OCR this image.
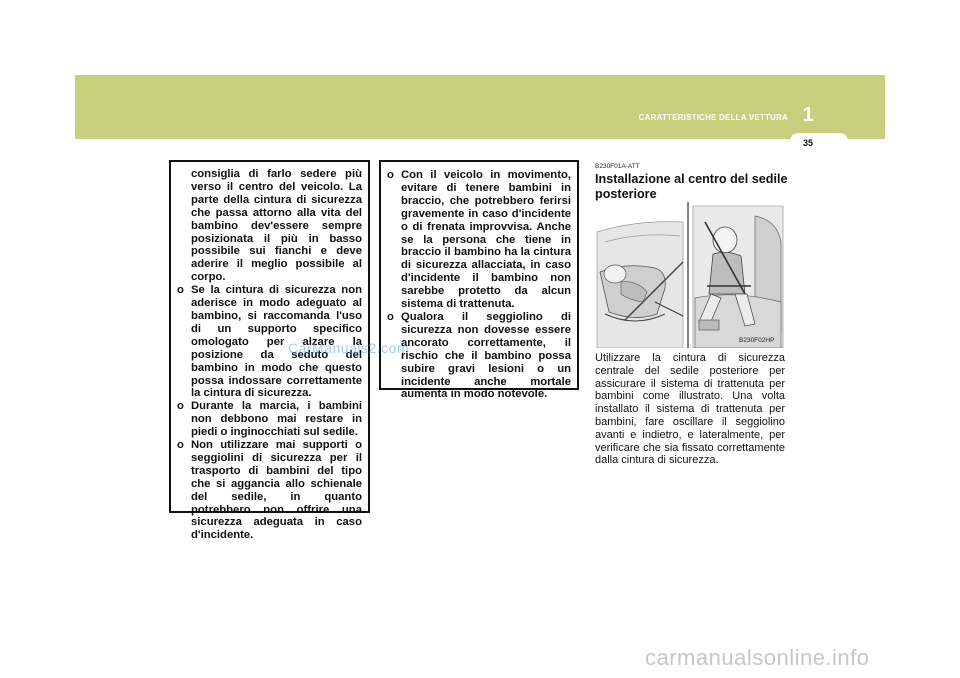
CARATTERISTICHE DELLA VETTURA 1
35

consiglia di farlo sedere più verso il centro del veicolo. La parte della cintura di sicurezza che passa attorno alla vita del bambino dev'essere sempre posizionata il più in basso possibile sui fianchi e deve aderire il meglio possibile al corpo.

o Se la cintura di sicurezza non aderisce in modo adeguato al bambino, si raccomanda l'uso di un supporto specifico omologato per alzare la posizione da seduto del bambino in modo che questo possa indossare correttamente la cintura di sicurezza.

o Durante la marcia, i bambini non debbono mai restare in piedi o inginocchiati sul sedile.

o Non utilizzare mai supporti o seggiolini di sicurezza per il trasporto di bambini del tipo che si aggancia allo schienale del sedile, in quanto potrebbero non offrire una sicurezza adeguata in caso d'incidente.

o Con il veicolo in movimento, evitare di tenere bambini in braccio, che potrebbero ferirsi gravemente in caso d'incidente o di frenata improvvisa. Anche se la persona che tiene in braccio il bambino ha la cintura di sicurezza allacciata, in caso d'incidente il bambino non sarebbe protetto da alcun sistema di trattenuta.

o Qualora il seggiolino di sicurezza non dovesse essere ancorato correttamente, il rischio che il bambino possa subire gravi lesioni o un incidente anche mortale aumenta in modo notevole.

B230F01A-ATT
Installazione al centro del sedile posteriore
B230F02HP
Utilizzare la cintura di sicurezza centrale del sedile posteriore per assicurare il sistema di trattenuta per bambini come illustrato. Una volta installato il sistema di trattenuta per bambini, fare oscillare il seggiolino avanti e indietro, e lateralmente, per verificare che sia fissato correttamente dalla cintura di sicurezza.
CarManuals2.com
carmanualsonline.info
